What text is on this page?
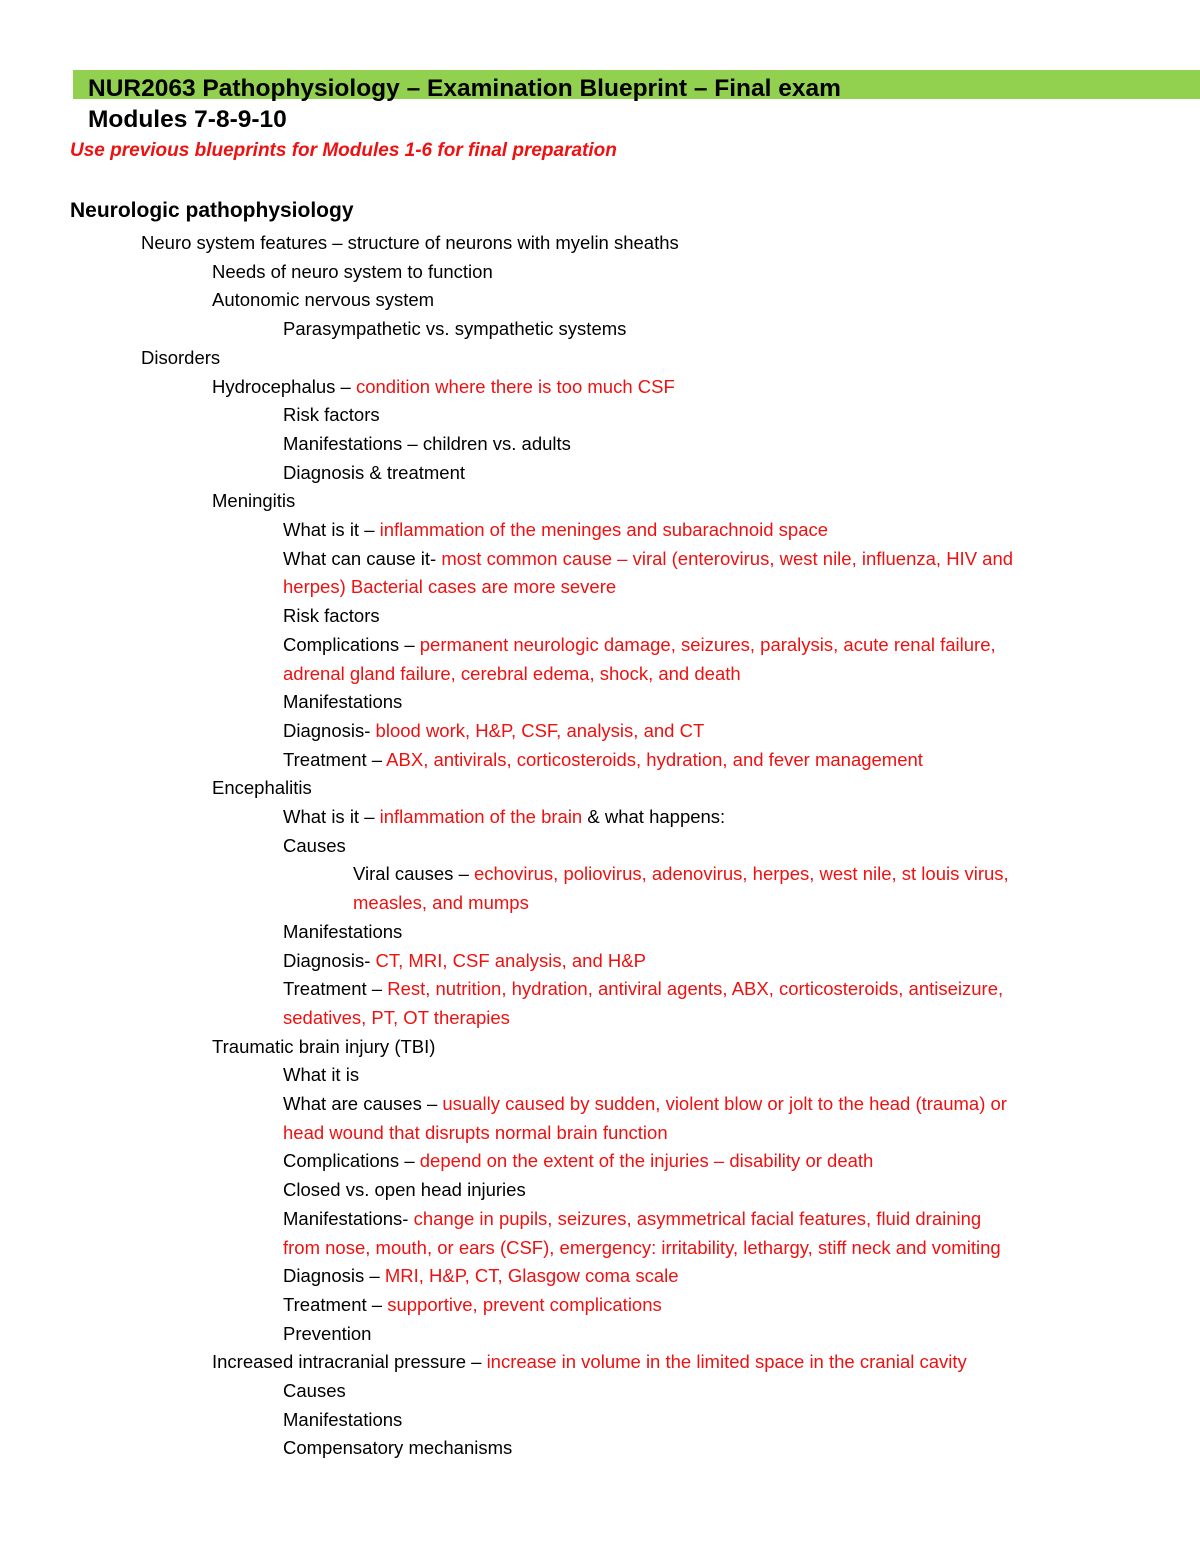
NUR2063 Pathophysiology – Examination Blueprint – Final exam
Modules 7-8-9-10
Use previous blueprints for Modules 1-6 for final preparation
Neurologic pathophysiology
Neuro system features – structure of neurons with myelin sheaths
Needs of neuro system to function
Autonomic nervous system
Parasympathetic vs. sympathetic systems
Disorders
Hydrocephalus – condition where there is too much CSF
Risk factors
Manifestations – children vs. adults
Diagnosis & treatment
Meningitis
What is it – inflammation of the meninges and subarachnoid space
What can cause it- most common cause – viral (enterovirus, west nile, influenza, HIV and
herpes) Bacterial cases are more severe
Risk factors
Complications – permanent neurologic damage, seizures, paralysis, acute renal failure,
adrenal gland failure, cerebral edema, shock, and death
Manifestations
Diagnosis- blood work, H&P, CSF, analysis, and CT
Treatment – ABX, antivirals, corticosteroids, hydration, and fever management
Encephalitis
What is it – inflammation of the brain & what happens:
Causes
Viral causes – echovirus, poliovirus, adenovirus, herpes, west nile, st louis virus,
measles, and mumps
Manifestations
Diagnosis- CT, MRI, CSF analysis, and H&P
Treatment – Rest, nutrition, hydration, antiviral agents, ABX, corticosteroids, antiseizure,
sedatives, PT, OT therapies
Traumatic brain injury (TBI)
What it is
What are causes – usually caused by sudden, violent blow or jolt to the head (trauma) or
head wound that disrupts normal brain function
Complications – depend on the extent of the injuries – disability or death
Closed vs. open head injuries
Manifestations- change in pupils, seizures, asymmetrical facial features, fluid draining
from nose, mouth, or ears (CSF), emergency: irritability, lethargy, stiff neck and vomiting
Diagnosis – MRI, H&P, CT, Glasgow coma scale
Treatment – supportive, prevent complications
Prevention
Increased intracranial pressure – increase in volume in the limited space in the cranial cavity
Causes
Manifestations
Compensatory mechanisms
